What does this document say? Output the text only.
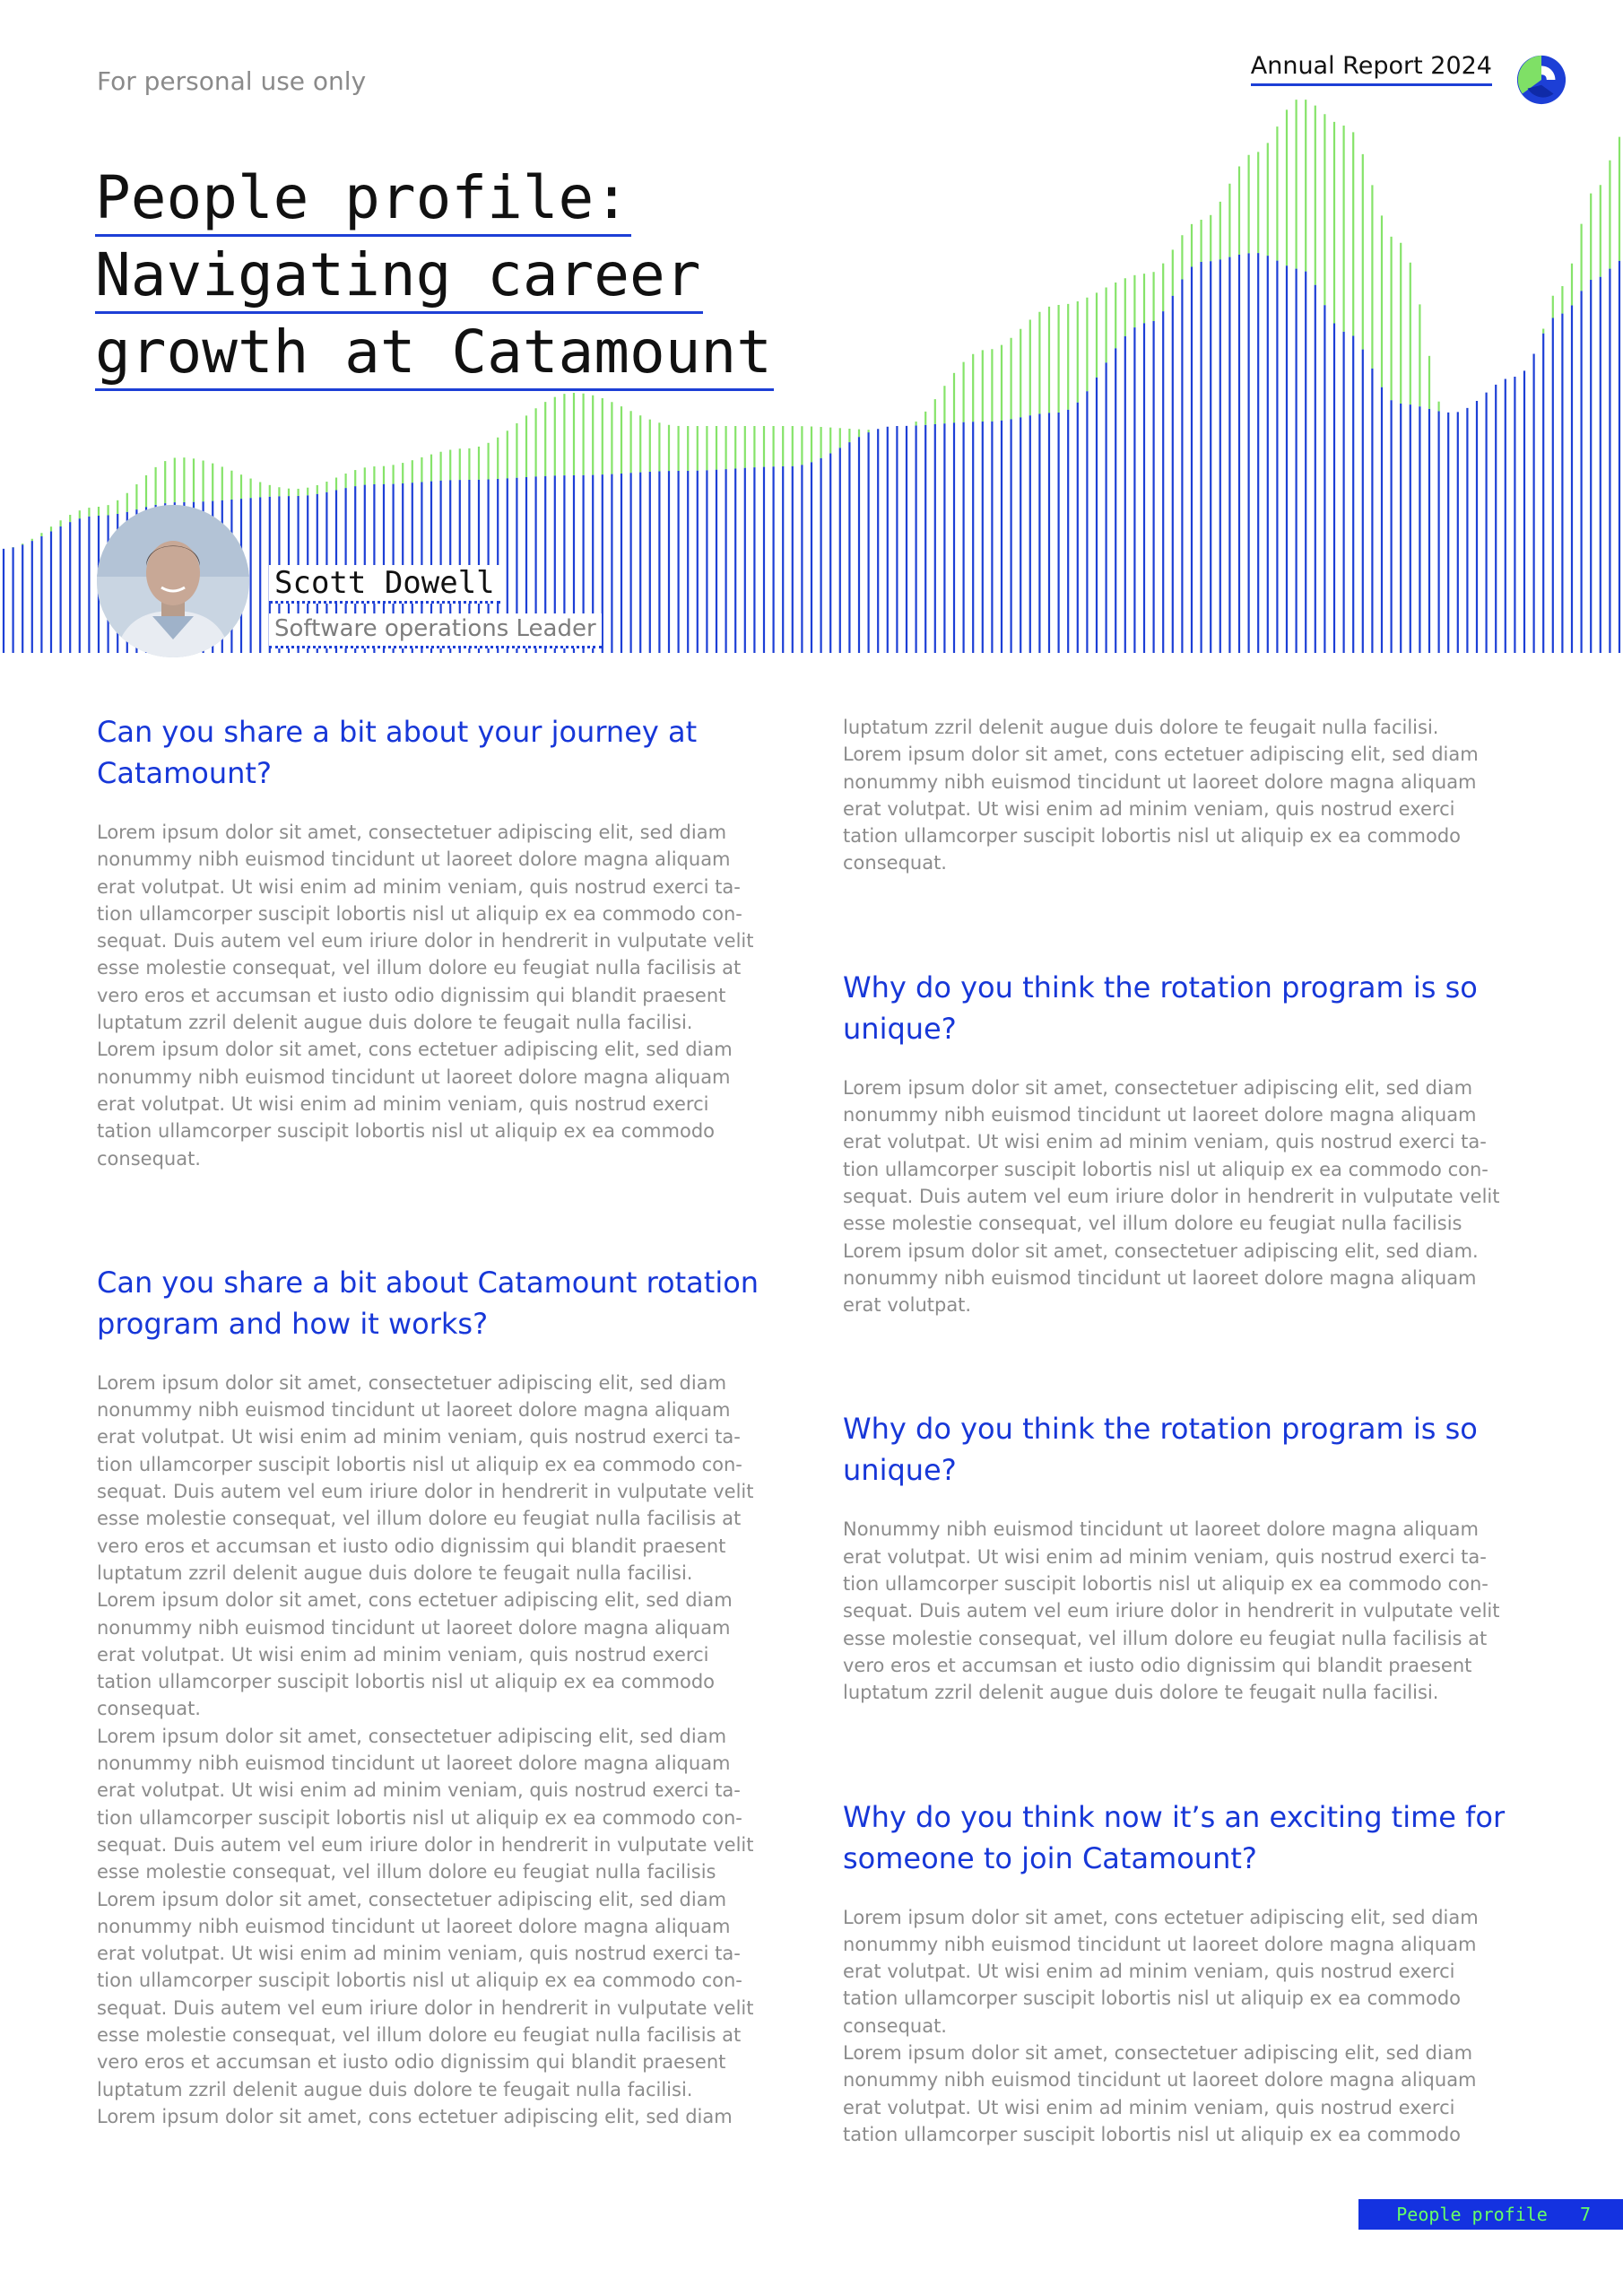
For personal use only
Annual Report 2024
People profile:
Navigating career
growth at Catamount
Scott Dowell
Software operations Leader
Can you share a bit about your journey at Catamount?

Lorem ipsum dolor sit amet, consectetuer adipiscing elit, sed diam
nonummy nibh euismod tincidunt ut laoreet dolore magna aliquam
erat volutpat. Ut wisi enim ad minim veniam, quis nostrud exerci ta-
tion ullamcorper suscipit lobortis nisl ut aliquip ex ea commodo con-
sequat. Duis autem vel eum iriure dolor in hendrerit in vulputate velit
esse molestie consequat, vel illum dolore eu feugiat nulla facilisis at
vero eros et accumsan et iusto odio dignissim qui blandit praesent
luptatum zzril delenit augue duis dolore te feugait nulla facilisi.
Lorem ipsum dolor sit amet, cons ectetuer adipiscing elit, sed diam
nonummy nibh euismod tincidunt ut laoreet dolore magna aliquam
erat volutpat. Ut wisi enim ad minim veniam, quis nostrud exerci
tation ullamcorper suscipit lobortis nisl ut aliquip ex ea commodo
consequat.

Can you share a bit about Catamount rotation program and how it works?

Lorem ipsum dolor sit amet, consectetuer adipiscing elit, sed diam
nonummy nibh euismod tincidunt ut laoreet dolore magna aliquam
erat volutpat. Ut wisi enim ad minim veniam, quis nostrud exerci ta-
tion ullamcorper suscipit lobortis nisl ut aliquip ex ea commodo con-
sequat. Duis autem vel eum iriure dolor in hendrerit in vulputate velit
esse molestie consequat, vel illum dolore eu feugiat nulla facilisis at
vero eros et accumsan et iusto odio dignissim qui blandit praesent
luptatum zzril delenit augue duis dolore te feugait nulla facilisi.
Lorem ipsum dolor sit amet, cons ectetuer adipiscing elit, sed diam
nonummy nibh euismod tincidunt ut laoreet dolore magna aliquam
erat volutpat. Ut wisi enim ad minim veniam, quis nostrud exerci
tation ullamcorper suscipit lobortis nisl ut aliquip ex ea commodo
consequat.
Lorem ipsum dolor sit amet, consectetuer adipiscing elit, sed diam
nonummy nibh euismod tincidunt ut laoreet dolore magna aliquam
erat volutpat. Ut wisi enim ad minim veniam, quis nostrud exerci ta-
tion ullamcorper suscipit lobortis nisl ut aliquip ex ea commodo con-
sequat. Duis autem vel eum iriure dolor in hendrerit in vulputate velit
esse molestie consequat, vel illum dolore eu feugiat nulla facilisis
Lorem ipsum dolor sit amet, consectetuer adipiscing elit, sed diam
nonummy nibh euismod tincidunt ut laoreet dolore magna aliquam
erat volutpat. Ut wisi enim ad minim veniam, quis nostrud exerci ta-
tion ullamcorper suscipit lobortis nisl ut aliquip ex ea commodo con-
sequat. Duis autem vel eum iriure dolor in hendrerit in vulputate velit
esse molestie consequat, vel illum dolore eu feugiat nulla facilisis at
vero eros et accumsan et iusto odio dignissim qui blandit praesent
luptatum zzril delenit augue duis dolore te feugait nulla facilisi.
Lorem ipsum dolor sit amet, cons ectetuer adipiscing elit, sed diam

luptatum zzril delenit augue duis dolore te feugait nulla facilisi.
Lorem ipsum dolor sit amet, cons ectetuer adipiscing elit, sed diam
nonummy nibh euismod tincidunt ut laoreet dolore magna aliquam
erat volutpat. Ut wisi enim ad minim veniam, quis nostrud exerci
tation ullamcorper suscipit lobortis nisl ut aliquip ex ea commodo
consequat.

Why do you think the rotation program is so unique?

Lorem ipsum dolor sit amet, consectetuer adipiscing elit, sed diam
nonummy nibh euismod tincidunt ut laoreet dolore magna aliquam
erat volutpat. Ut wisi enim ad minim veniam, quis nostrud exerci ta-
tion ullamcorper suscipit lobortis nisl ut aliquip ex ea commodo con-
sequat. Duis autem vel eum iriure dolor in hendrerit in vulputate velit
esse molestie consequat, vel illum dolore eu feugiat nulla facilisis
Lorem ipsum dolor sit amet, consectetuer adipiscing elit, sed diam.
nonummy nibh euismod tincidunt ut laoreet dolore magna aliquam
erat volutpat.

Why do you think the rotation program is so unique?

Nonummy nibh euismod tincidunt ut laoreet dolore magna aliquam
erat volutpat. Ut wisi enim ad minim veniam, quis nostrud exerci ta-
tion ullamcorper suscipit lobortis nisl ut aliquip ex ea commodo con-
sequat. Duis autem vel eum iriure dolor in hendrerit in vulputate velit
esse molestie consequat, vel illum dolore eu feugiat nulla facilisis at
vero eros et accumsan et iusto odio dignissim qui blandit praesent
luptatum zzril delenit augue duis dolore te feugait nulla facilisi.

Why do you think now it’s an exciting time for someone to join Catamount?

Lorem ipsum dolor sit amet, cons ectetuer adipiscing elit, sed diam
nonummy nibh euismod tincidunt ut laoreet dolore magna aliquam
erat volutpat. Ut wisi enim ad minim veniam, quis nostrud exerci
tation ullamcorper suscipit lobortis nisl ut aliquip ex ea commodo
consequat.
Lorem ipsum dolor sit amet, consectetuer adipiscing elit, sed diam
nonummy nibh euismod tincidunt ut laoreet dolore magna aliquam
erat volutpat. Ut wisi enim ad minim veniam, quis nostrud exerci
tation ullamcorper suscipit lobortis nisl ut aliquip ex ea commodo

People profile 7
